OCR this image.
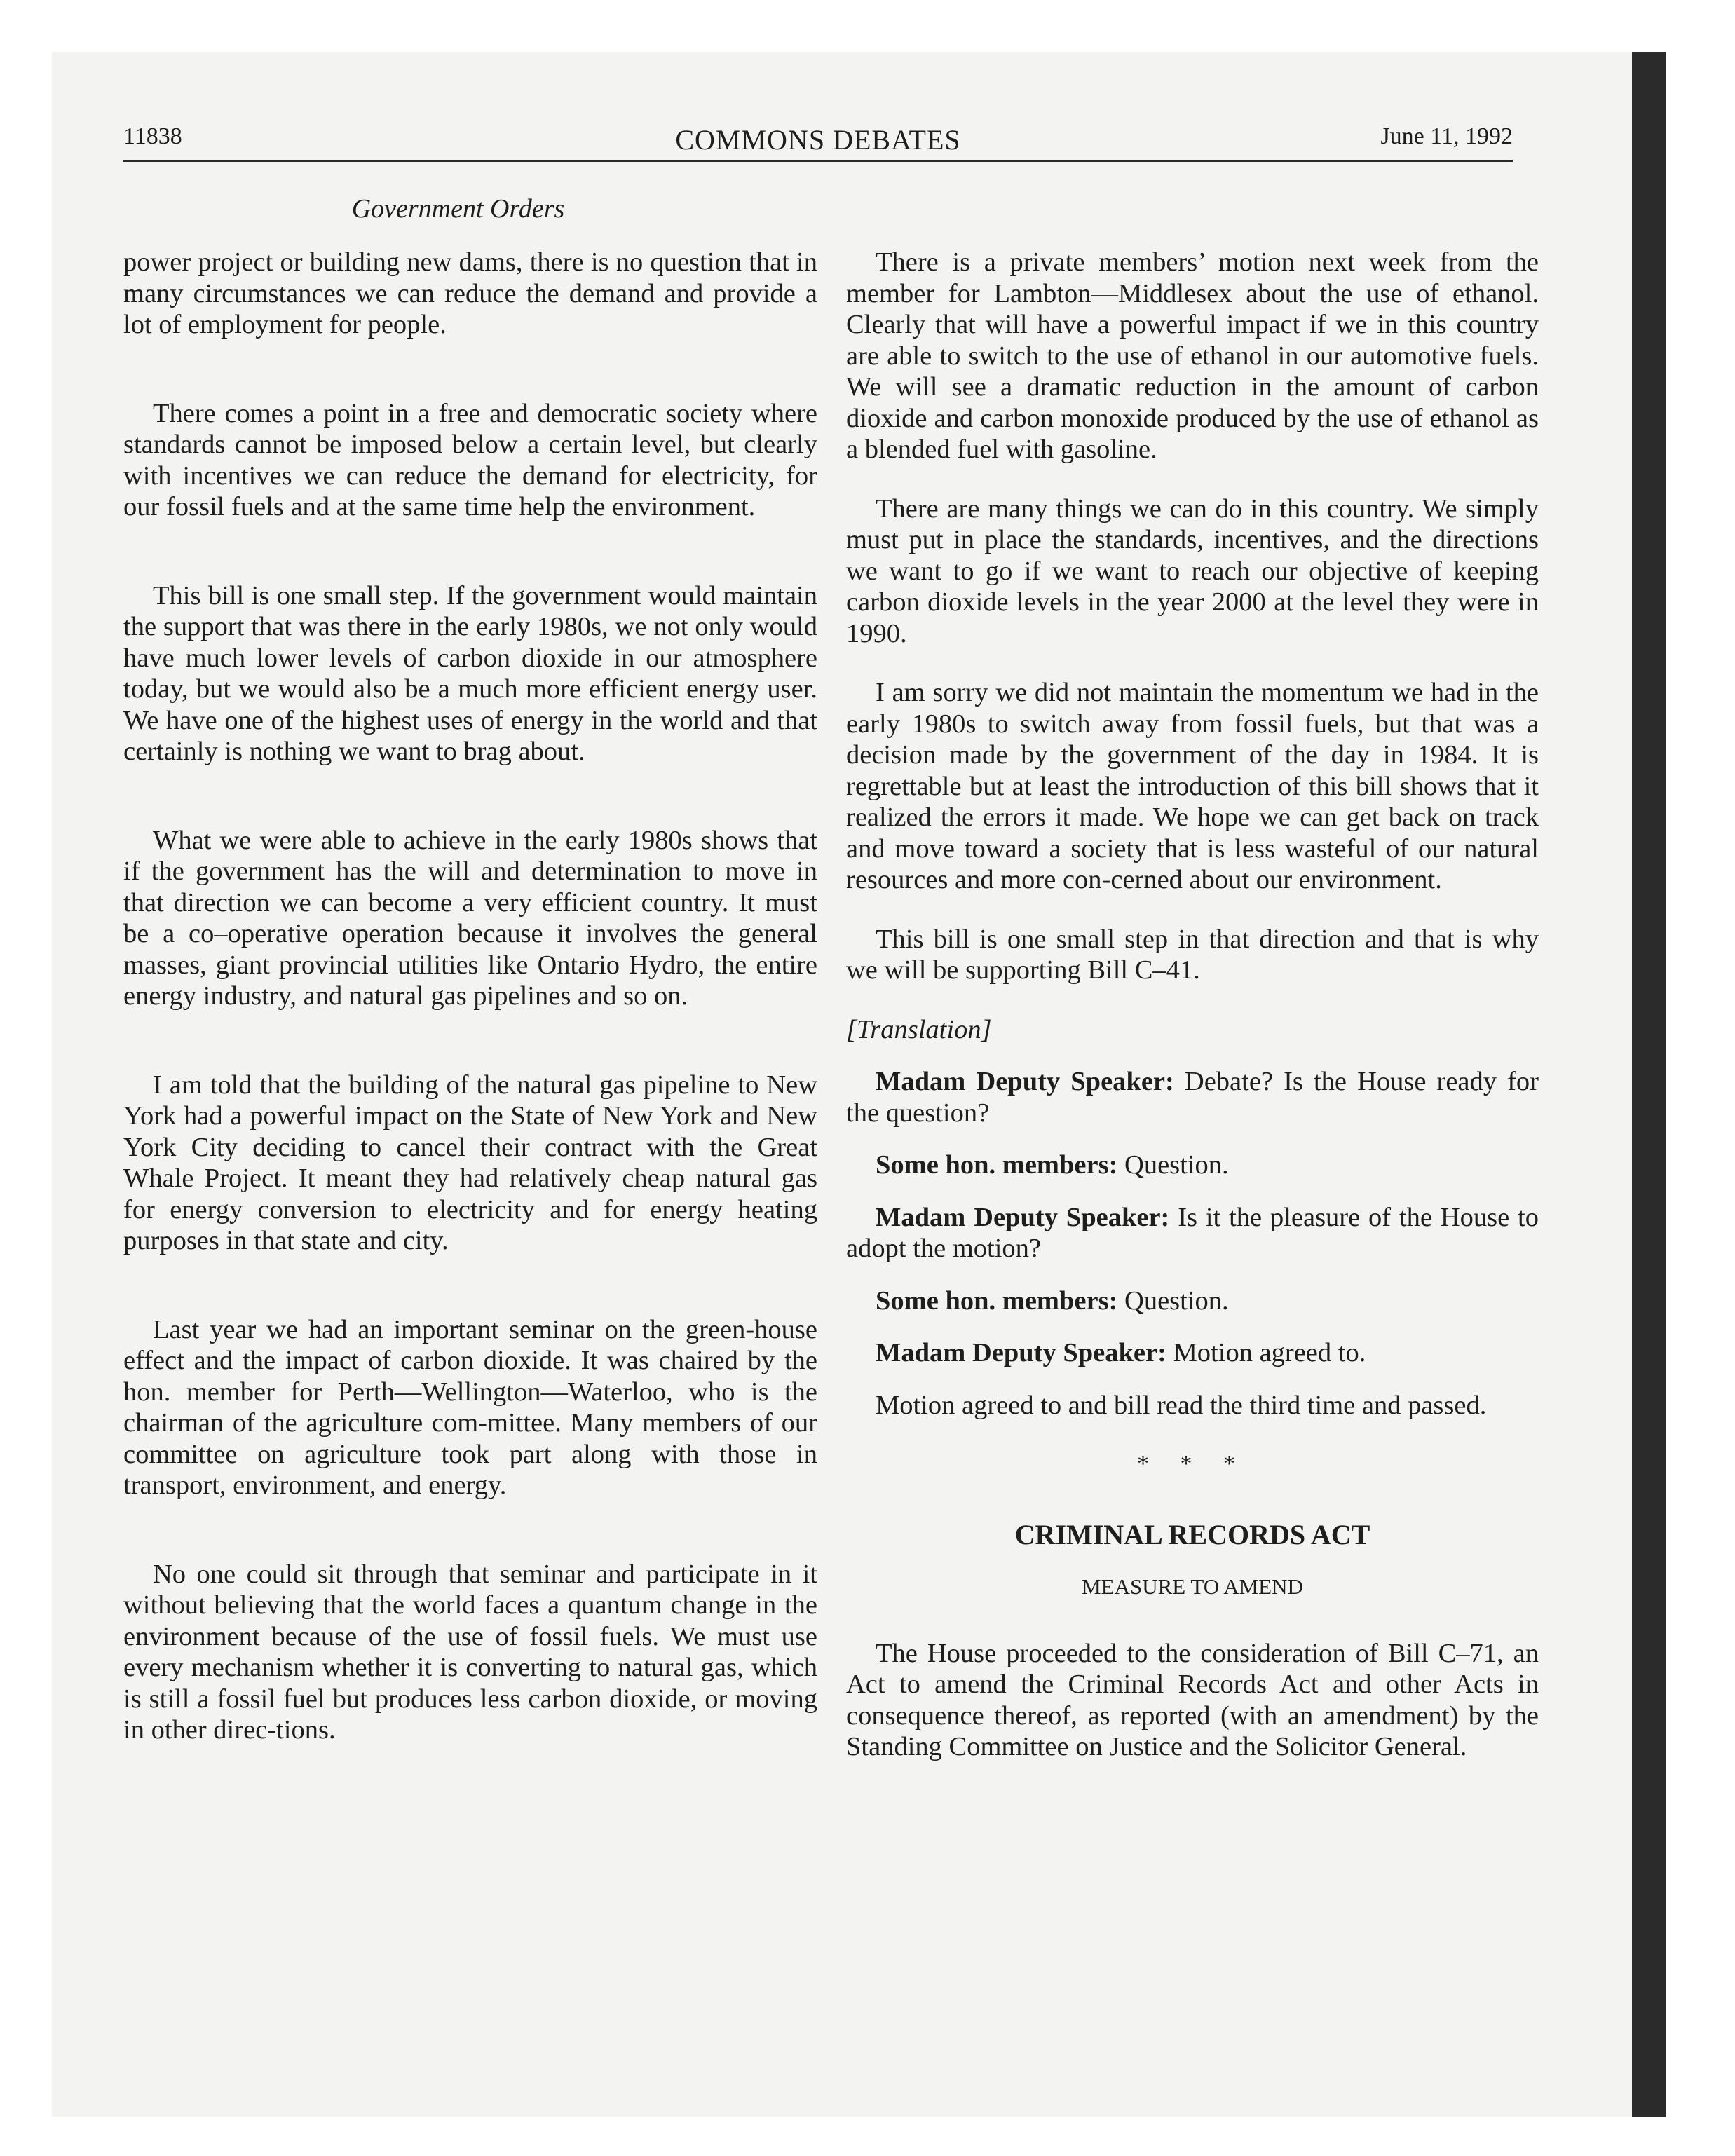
11838	COMMONS DEBATES	June 11, 1992
Government Orders

power project or building new dams, there is no question that in many circumstances we can reduce the demand and provide a lot of employment for people.

There comes a point in a free and democratic society where standards cannot be imposed below a certain level, but clearly with incentives we can reduce the demand for electricity, for our fossil fuels and at the same time help the environment.

This bill is one small step. If the government would maintain the support that was there in the early 1980s, we not only would have much lower levels of carbon dioxide in our atmosphere today, but we would also be a much more efficient energy user. We have one of the highest uses of energy in the world and that certainly is nothing we want to brag about.

What we were able to achieve in the early 1980s shows that if the government has the will and determination to move in that direction we can become a very efficient country. It must be a co–operative operation because it involves the general masses, giant provincial utilities like Ontario Hydro, the entire energy industry, and natural gas pipelines and so on.

I am told that the building of the natural gas pipeline to New York had a powerful impact on the State of New York and New York City deciding to cancel their contract with the Great Whale Project. It meant they had relatively cheap natural gas for energy conversion to electricity and for energy heating purposes in that state and city.

Last year we had an important seminar on the green-house effect and the impact of carbon dioxide. It was chaired by the hon. member for Perth—Wellington—Waterloo, who is the chairman of the agriculture com-mittee. Many members of our committee on agriculture took part along with those in transport, environment, and energy.

No one could sit through that seminar and participate in it without believing that the world faces a quantum change in the environment because of the use of fossil fuels. We must use every mechanism whether it is converting to natural gas, which is still a fossil fuel but produces less carbon dioxide, or moving in other direc-tions.

There is a private members’ motion next week from the member for Lambton—Middlesex about the use of ethanol. Clearly that will have a powerful impact if we in this country are able to switch to the use of ethanol in our automotive fuels. We will see a dramatic reduction in the amount of carbon dioxide and carbon monoxide produced by the use of ethanol as a blended fuel with gasoline.

There are many things we can do in this country. We simply must put in place the standards, incentives, and the directions we want to go if we want to reach our objective of keeping carbon dioxide levels in the year 2000 at the level they were in 1990.

I am sorry we did not maintain the momentum we had in the early 1980s to switch away from fossil fuels, but that was a decision made by the government of the day in 1984. It is regrettable but at least the introduction of this bill shows that it realized the errors it made. We hope we can get back on track and move toward a society that is less wasteful of our natural resources and more con-cerned about our environment.

This bill is one small step in that direction and that is why we will be supporting Bill C–41.

[Translation]

Madam Deputy Speaker: Debate? Is the House ready for the question?

Some hon. members: Question.

Madam Deputy Speaker: Is it the pleasure of the House to adopt the motion?

Some hon. members: Question.

Madam Deputy Speaker: Motion agreed to.

Motion agreed to and bill read the third time and passed.

* * *

CRIMINAL RECORDS ACT

MEASURE TO AMEND

The House proceeded to the consideration of Bill C–71, an Act to amend the Criminal Records Act and other Acts in consequence thereof, as reported (with an amendment) by the Standing Committee on Justice and the Solicitor General.
